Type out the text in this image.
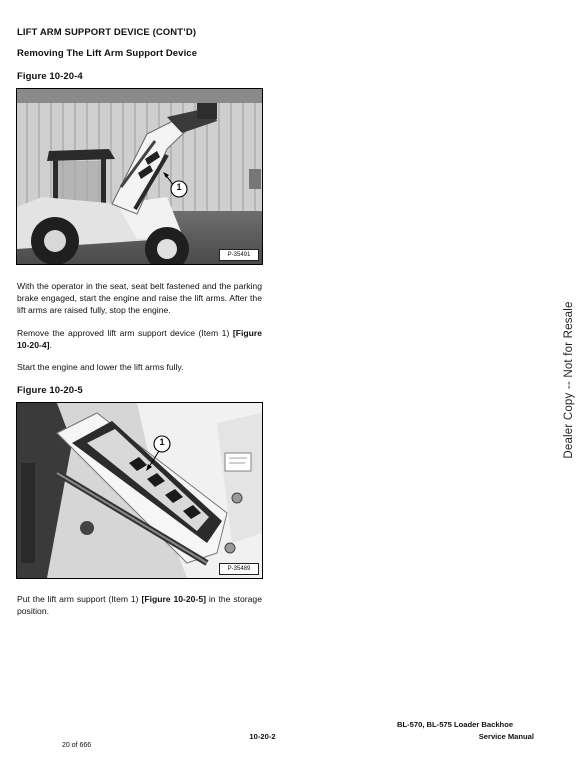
LIFT ARM SUPPORT DEVICE (CONT’D)
Removing The Lift Arm Support Device
Figure 10-20-4
1
P-35491
With the operator in the seat, seat belt fastened and the parking brake engaged, start the engine and raise the lift arms. After the lift arms are raised fully, stop the engine.
Remove the approved lift arm support device (Item 1) [Figure 10-20-4].
Start the engine and lower the lift arms fully.
Figure 10-20-5
1
P-35489
Put the lift arm support (Item 1) [Figure 10-20-5] in the storage position.
Dealer Copy -- Not for Resale
BL-570, BL-575 Loader Backhoe
10-20-2	Service Manual
20 of 666
